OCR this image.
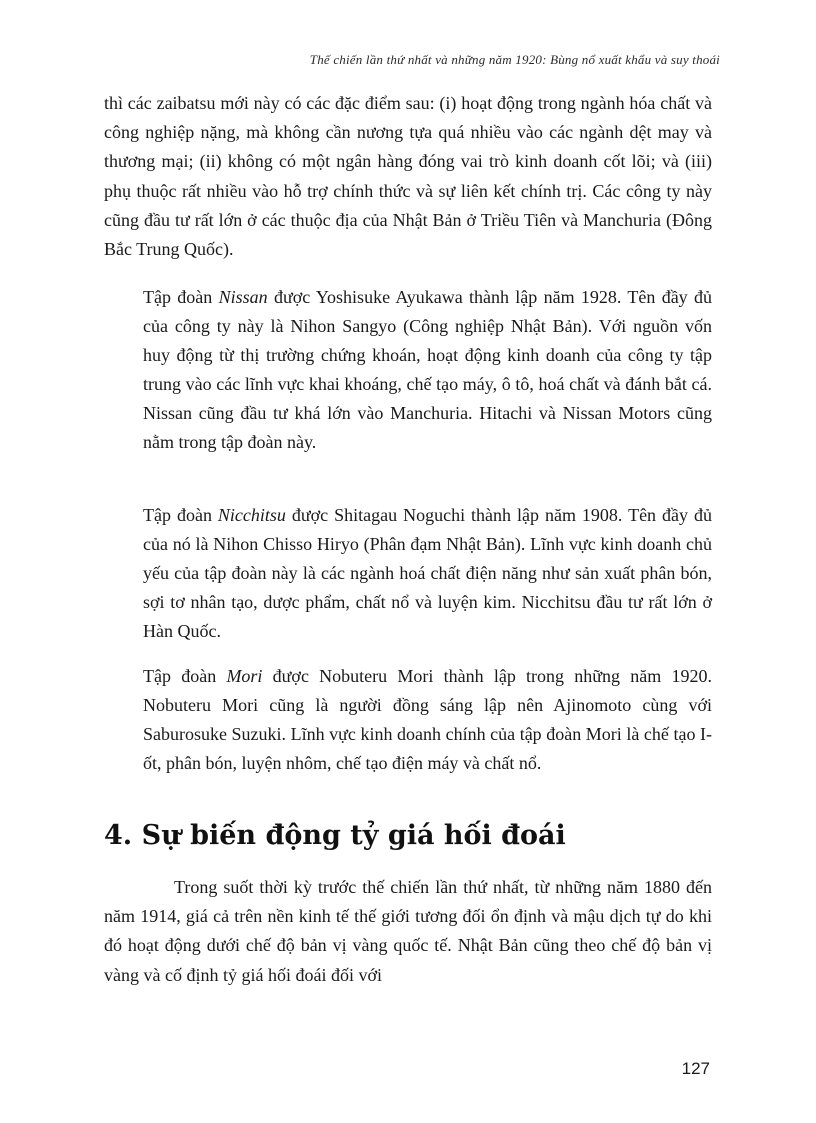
Thế chiến lần thứ nhất và những năm 1920: Bùng nổ xuất khẩu và suy thoái

thì các zaibatsu mới này có các đặc điểm sau: (i) hoạt động trong ngành hóa chất và công nghiệp nặng, mà không cần nương tựa quá nhiều vào các ngành dệt may và thương mại; (ii) không có một ngân hàng đóng vai trò kinh doanh cốt lõi; và (iii) phụ thuộc rất nhiều vào hỗ trợ chính thức và sự liên kết chính trị. Các công ty này cũng đầu tư rất lớn ở các thuộc địa của Nhật Bản ở Triều Tiên và Manchuria (Đông Bắc Trung Quốc).

Tập đoàn Nissan được Yoshisuke Ayukawa thành lập năm 1928. Tên đầy đủ của công ty này là Nihon Sangyo (Công nghiệp Nhật Bản). Với nguồn vốn huy động từ thị trường chứng khoán, hoạt động kinh doanh của công ty tập trung vào các lĩnh vực khai khoáng, chế tạo máy, ô tô, hoá chất và đánh bắt cá. Nissan cũng đầu tư khá lớn vào Manchuria. Hitachi và Nissan Motors cũng nằm trong tập đoàn này.

Tập đoàn Nicchitsu được Shitagau Noguchi thành lập năm 1908. Tên đầy đủ của nó là Nihon Chisso Hiryo (Phân đạm Nhật Bản). Lĩnh vực kinh doanh chủ yếu của tập đoàn này là các ngành hoá chất điện năng như sản xuất phân bón, sợi tơ nhân tạo, dược phẩm, chất nổ và luyện kim. Nicchitsu đầu tư rất lớn ở Hàn Quốc.

Tập đoàn Mori được Nobuteru Mori thành lập trong những năm 1920. Nobuteru Mori cũng là người đồng sáng lập nên Ajinomoto cùng với Saburosuke Suzuki. Lĩnh vực kinh doanh chính của tập đoàn Mori là chế tạo I-ốt, phân bón, luyện nhôm, chế tạo điện máy và chất nổ.

4. Sự biến động tỷ giá hối đoái

Trong suốt thời kỳ trước thế chiến lần thứ nhất, từ những năm 1880 đến năm 1914, giá cả trên nền kinh tế thế giới tương đối ổn định và mậu dịch tự do khi đó hoạt động dưới chế độ bản vị vàng quốc tế. Nhật Bản cũng theo chế độ bản vị vàng và cố định tỷ giá hối đoái đối với

127
